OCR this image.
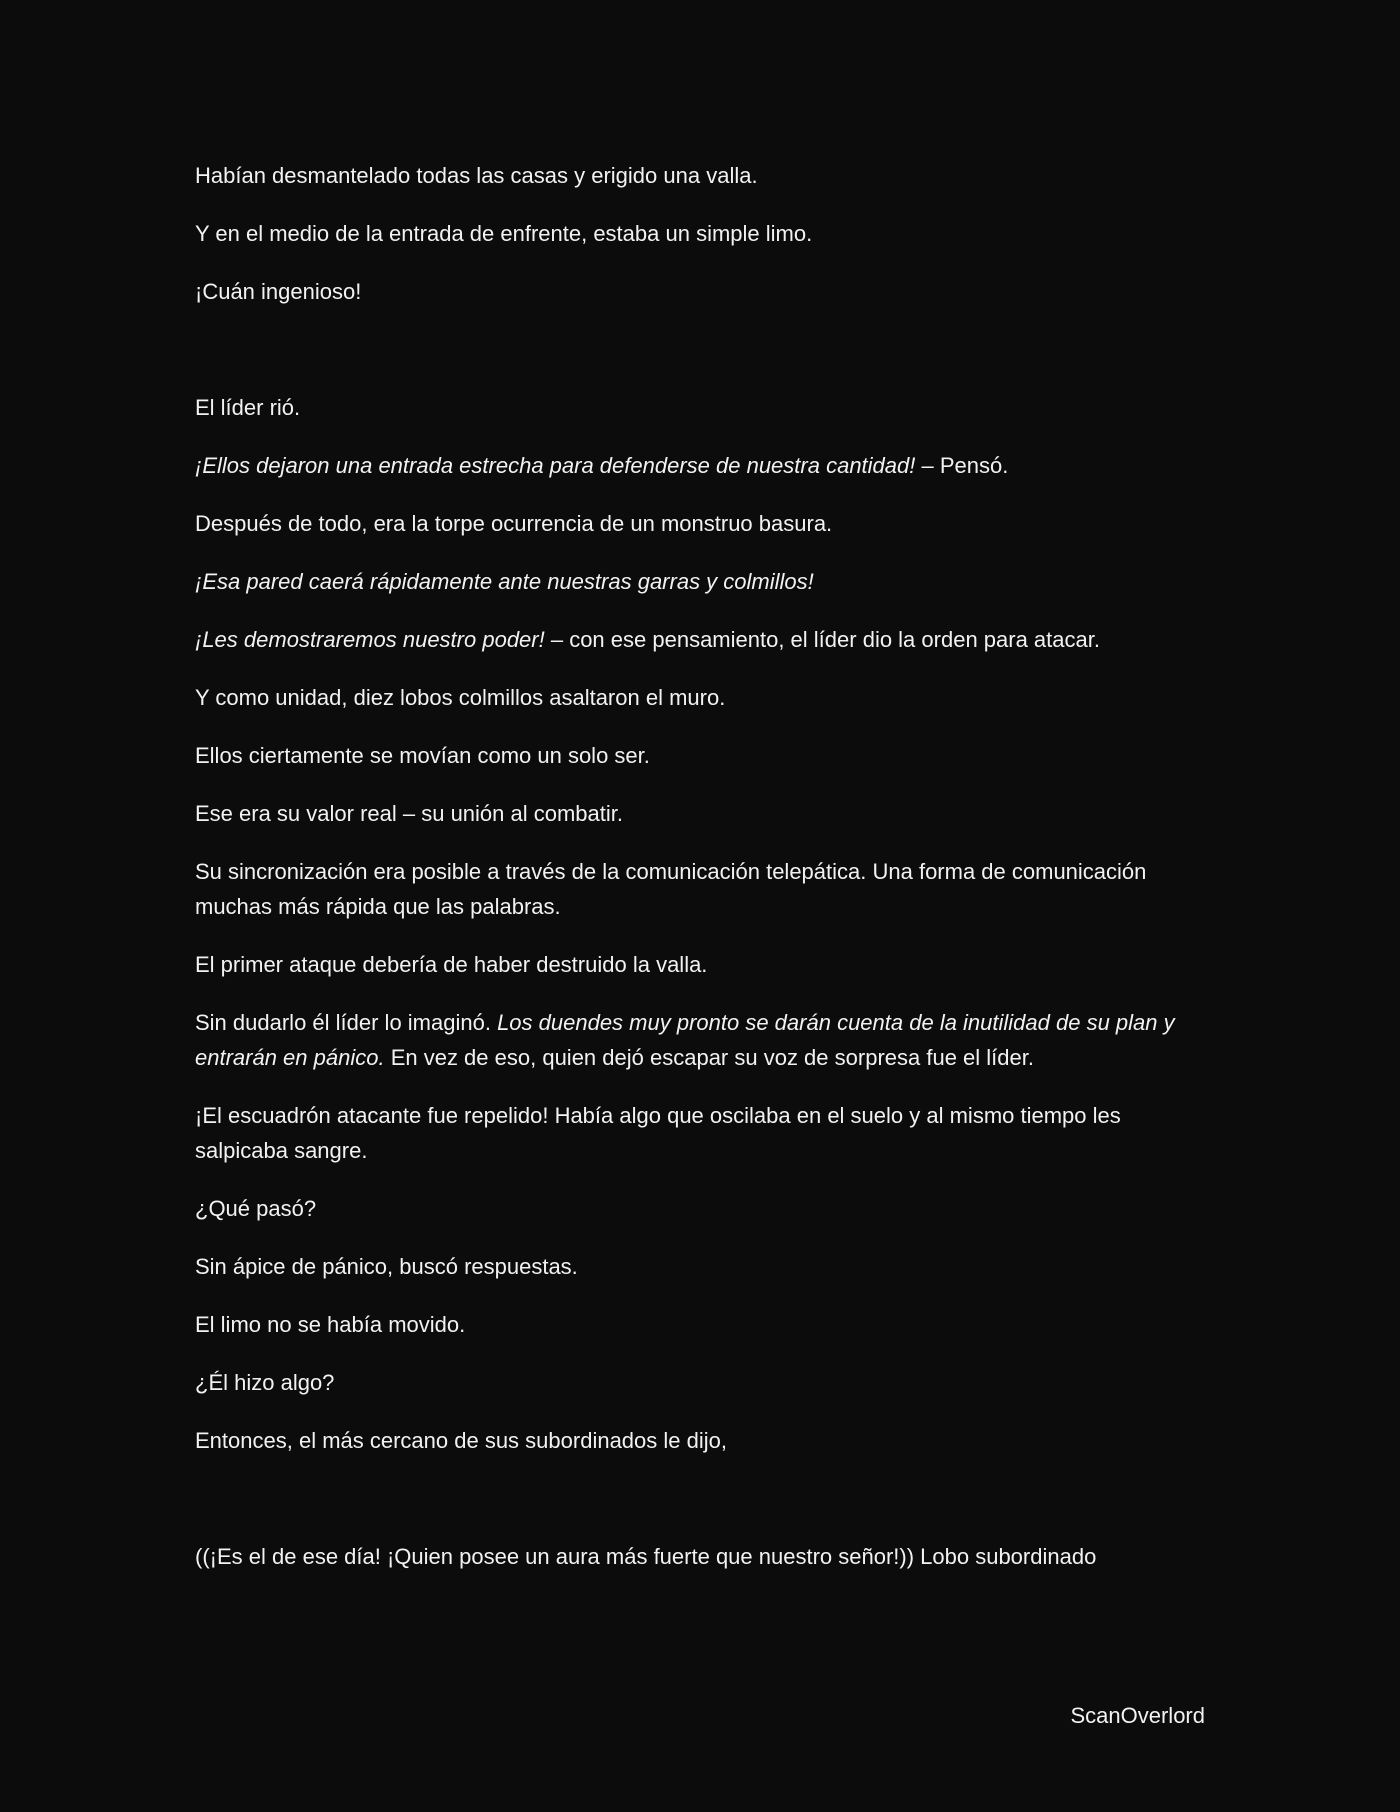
Habían desmantelado todas las casas y erigido una valla.

Y en el medio de la entrada de enfrente, estaba un simple limo.

¡Cuán ingenioso!

El líder rió.

¡Ellos dejaron una entrada estrecha para defenderse de nuestra cantidad! – Pensó.

Después de todo, era la torpe ocurrencia de un monstruo basura.

¡Esa pared caerá rápidamente ante nuestras garras y colmillos!

¡Les demostraremos nuestro poder! – con ese pensamiento, el líder dio la orden para atacar.

Y como unidad, diez lobos colmillos asaltaron el muro.

Ellos ciertamente se movían como un solo ser.

Ese era su valor real – su unión al combatir.

Su sincronización era posible a través de la comunicación telepática. Una forma de comunicación muchas más rápida que las palabras.

El primer ataque debería de haber destruido la valla.

Sin dudarlo él líder lo imaginó. Los duendes muy pronto se darán cuenta de la inutilidad de su plan y entrarán en pánico. En vez de eso, quien dejó escapar su voz de sorpresa fue el líder.

¡El escuadrón atacante fue repelido! Había algo que oscilaba en el suelo y al mismo tiempo les salpicaba sangre.

¿Qué pasó?

Sin ápice de pánico, buscó respuestas.

El limo no se había movido.

¿Él hizo algo?

Entonces, el más cercano de sus subordinados le dijo,

((¡Es el de ese día! ¡Quien posee un aura más fuerte que nuestro señor!)) Lobo subordinado

ScanOverlord
